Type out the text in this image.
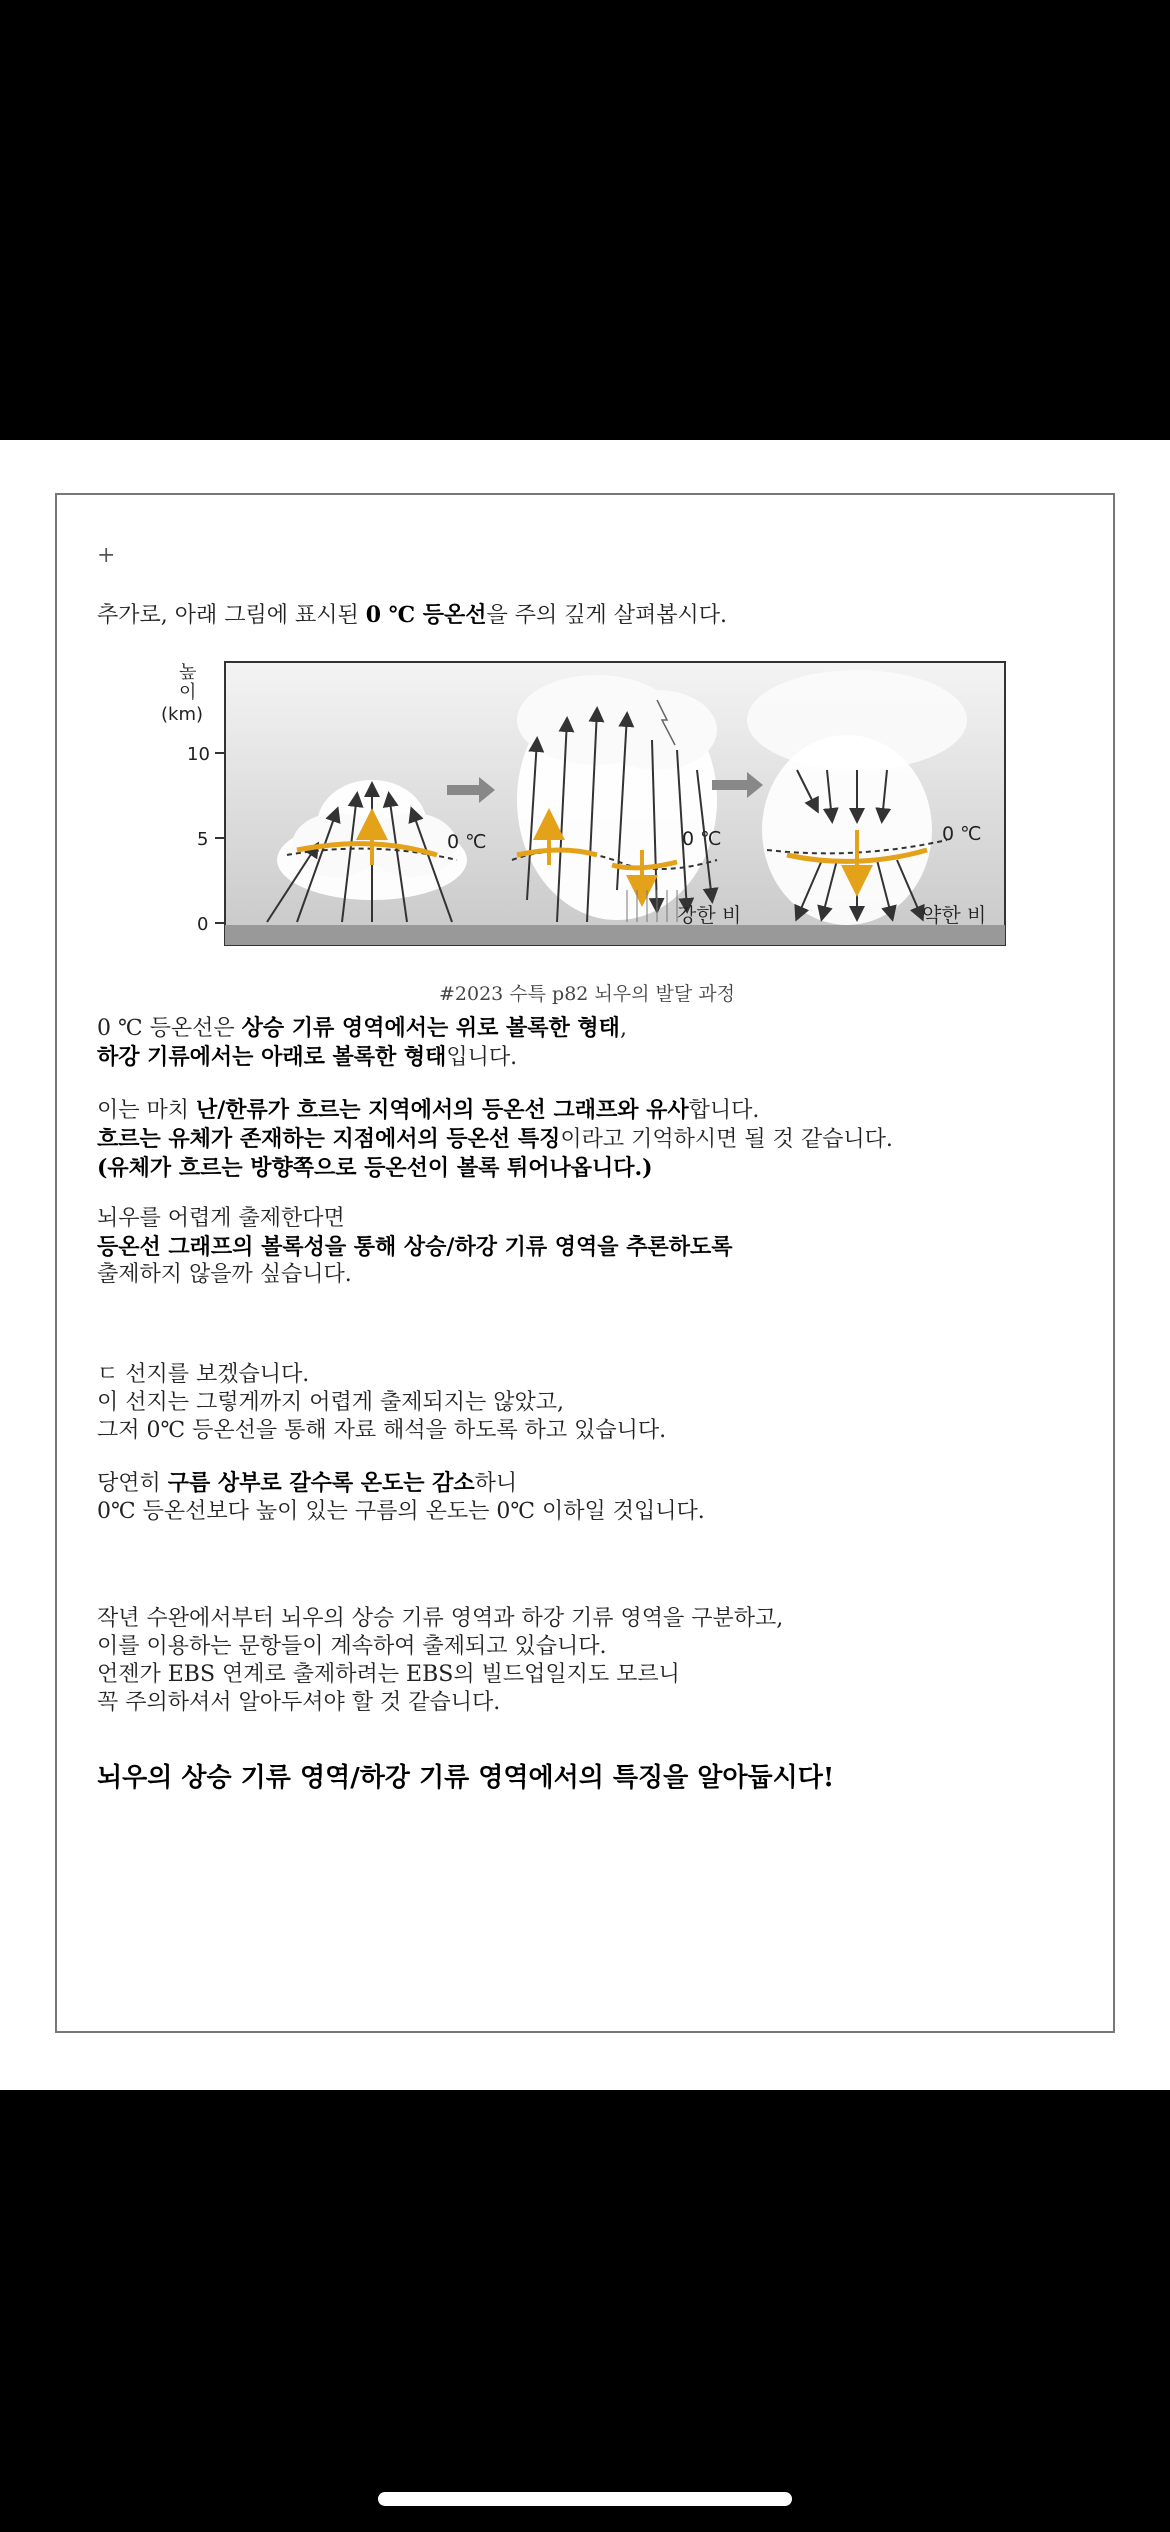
+
추가로, 아래 그림에 표시된 0 ℃ 등온선을 주의 깊게 살펴봅시다.
높
이
(km)
10
5
0
0 ℃	0 ℃
강한 비
0 ℃
약한 비
#2023 수특 p82 뇌우의 발달 과정
0 ℃ 등온선은 상승 기류 영역에서는 위로 볼록한 형태,
하강 기류에서는 아래로 볼록한 형태입니다.
이는 마치 난/한류가 흐르는 지역에서의 등온선 그래프와 유사합니다.
흐르는 유체가 존재하는 지점에서의 등온선 특징이라고 기억하시면 될 것 같습니다.
(유체가 흐르는 방향쪽으로 등온선이 볼록 튀어나옵니다.)
뇌우를 어렵게 출제한다면
등온선 그래프의 볼록성을 통해 상승/하강 기류 영역을 추론하도록
출제하지 않을까 싶습니다.
ㄷ 선지를 보겠습니다.
이 선지는 그렇게까지 어렵게 출제되지는 않았고,
그저 0℃ 등온선을 통해 자료 해석을 하도록 하고 있습니다.
당연히 구름 상부로 갈수록 온도는 감소하니
0℃ 등온선보다 높이 있는 구름의 온도는 0℃ 이하일 것입니다.
작년 수완에서부터 뇌우의 상승 기류 영역과 하강 기류 영역을 구분하고,
이를 이용하는 문항들이 계속하여 출제되고 있습니다.
언젠가 EBS 연계로 출제하려는 EBS의 빌드업일지도 모르니
꼭 주의하셔서 알아두셔야 할 것 같습니다.
뇌우의 상승 기류 영역/하강 기류 영역에서의 특징을 알아둡시다!
